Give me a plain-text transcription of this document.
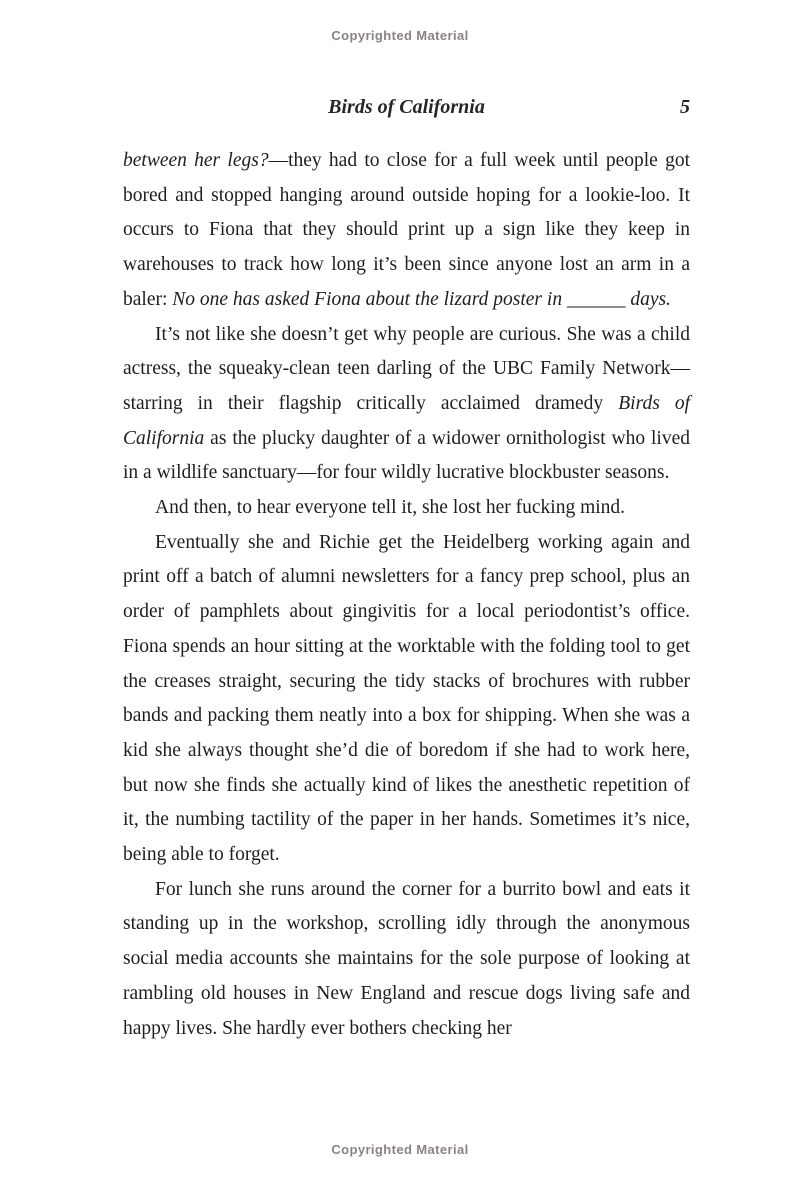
Copyrighted Material
Birds of California	5

between her legs?—they had to close for a full week until people got bored and stopped hanging around outside hoping for a lookie-loo. It occurs to Fiona that they should print up a sign like they keep in warehouses to track how long it’s been since anyone lost an arm in a baler: No one has asked Fiona about the lizard poster in ______ days.

It’s not like she doesn’t get why people are curious. She was a child actress, the squeaky-clean teen darling of the UBC Family Network—starring in their flagship critically acclaimed dramedy Birds of California as the plucky daughter of a widower ornithologist who lived in a wildlife sanctuary—for four wildly lucrative blockbuster seasons.

And then, to hear everyone tell it, she lost her fucking mind.

Eventually she and Richie get the Heidelberg working again and print off a batch of alumni newsletters for a fancy prep school, plus an order of pamphlets about gingivitis for a local periodontist’s office. Fiona spends an hour sitting at the worktable with the folding tool to get the creases straight, securing the tidy stacks of brochures with rubber bands and packing them neatly into a box for shipping. When she was a kid she always thought she’d die of boredom if she had to work here, but now she finds she actually kind of likes the anesthetic repetition of it, the numbing tactility of the paper in her hands. Sometimes it’s nice, being able to forget.

For lunch she runs around the corner for a burrito bowl and eats it standing up in the workshop, scrolling idly through the anonymous social media accounts she maintains for the sole purpose of looking at rambling old houses in New England and rescue dogs living safe and happy lives. She hardly ever bothers checking her

Copyrighted Material
